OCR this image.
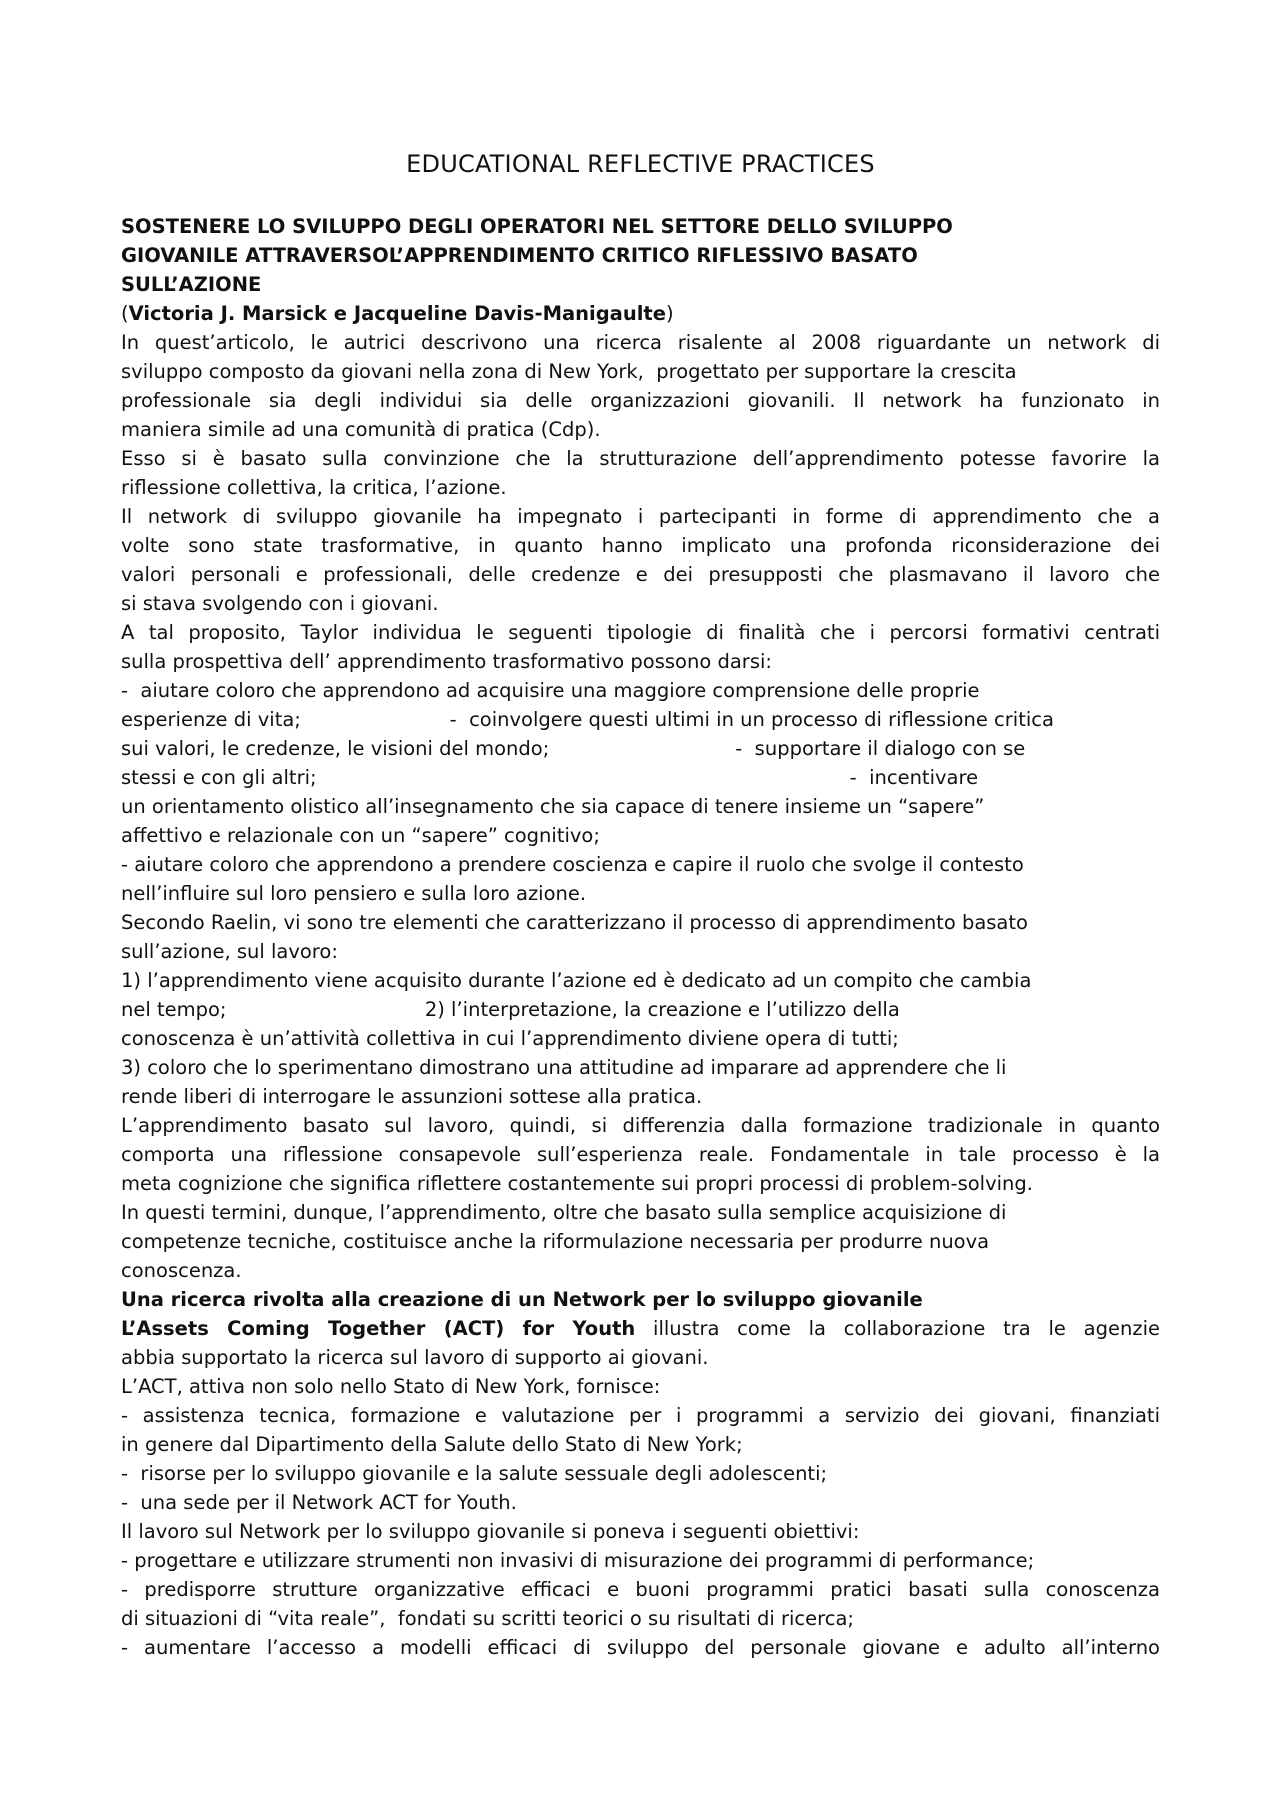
EDUCATIONAL REFLECTIVE PRACTICES
SOSTENERE LO SVILUPPO DEGLI OPERATORI NEL SETTORE DELLO SVILUPPO
GIOVANILE ATTRAVERSOL’APPRENDIMENTO CRITICO RIFLESSIVO BASATO
SULL’AZIONE
(Victoria J. Marsick e Jacqueline Davis-Manigaulte)
In quest’articolo, le autrici descrivono una ricerca risalente al 2008 riguardante un network di
sviluppo composto da giovani nella zona di New York,  progettato per supportare la crescita
professionale sia degli individui sia delle organizzazioni giovanili. Il network ha funzionato in
maniera simile ad una comunità di pratica (Cdp).
Esso si è basato sulla convinzione che la strutturazione dell’apprendimento potesse favorire la
riflessione collettiva, la critica, l’azione.
Il network di sviluppo giovanile ha impegnato i partecipanti in forme di apprendimento che a
volte sono state trasformative, in quanto hanno implicato una profonda riconsiderazione dei
valori personali e professionali, delle credenze e dei presupposti che plasmavano il lavoro che
si stava svolgendo con i giovani.
A tal proposito, Taylor individua le seguenti tipologie di finalità che i percorsi formativi centrati
sulla prospettiva dell’ apprendimento trasformativo possono darsi:
-  aiutare coloro che apprendono ad acquisire una maggiore comprensione delle proprie
esperienze di vita;                        -  coinvolgere questi ultimi in un processo di riflessione critica
sui valori, le credenze, le visioni del mondo;                              -  supportare il dialogo con se
stessi e con gli altri;                                                                                      -  incentivare
un orientamento olistico all’insegnamento che sia capace di tenere insieme un “sapere”
affettivo e relazionale con un “sapere” cognitivo;
- aiutare coloro che apprendono a prendere coscienza e capire il ruolo che svolge il contesto
nell’influire sul loro pensiero e sulla loro azione.
Secondo Raelin, vi sono tre elementi che caratterizzano il processo di apprendimento basato
sull’azione, sul lavoro:
1) l’apprendimento viene acquisito durante l’azione ed è dedicato ad un compito che cambia
nel tempo;                                2) l’interpretazione, la creazione e l’utilizzo della
conoscenza è un’attività collettiva in cui l’apprendimento diviene opera di tutti;
3) coloro che lo sperimentano dimostrano una attitudine ad imparare ad apprendere che li
rende liberi di interrogare le assunzioni sottese alla pratica.
L’apprendimento basato sul lavoro, quindi, si differenzia dalla formazione tradizionale in quanto
comporta una riflessione consapevole sull’esperienza reale. Fondamentale in tale processo è la
meta cognizione che significa riflettere costantemente sui propri processi di problem-solving.
In questi termini, dunque, l’apprendimento, oltre che basato sulla semplice acquisizione di
competenze tecniche, costituisce anche la riformulazione necessaria per produrre nuova
conoscenza.
Una ricerca rivolta alla creazione di un Network per lo sviluppo giovanile
L’Assets Coming Together (ACT) for Youth illustra come la collaborazione tra le agenzie
abbia supportato la ricerca sul lavoro di supporto ai giovani.
L’ACT, attiva non solo nello Stato di New York, fornisce:
- assistenza tecnica, formazione e valutazione per i programmi a servizio dei giovani, finanziati
in genere dal Dipartimento della Salute dello Stato di New York;
-  risorse per lo sviluppo giovanile e la salute sessuale degli adolescenti;
-  una sede per il Network ACT for Youth.
Il lavoro sul Network per lo sviluppo giovanile si poneva i seguenti obiettivi:
- progettare e utilizzare strumenti non invasivi di misurazione dei programmi di performance;
- predisporre strutture organizzative efficaci e buoni programmi pratici basati sulla conoscenza
di situazioni di “vita reale”,  fondati su scritti teorici o su risultati di ricerca;
- aumentare l’accesso a modelli efficaci di sviluppo del personale giovane e adulto all’interno
